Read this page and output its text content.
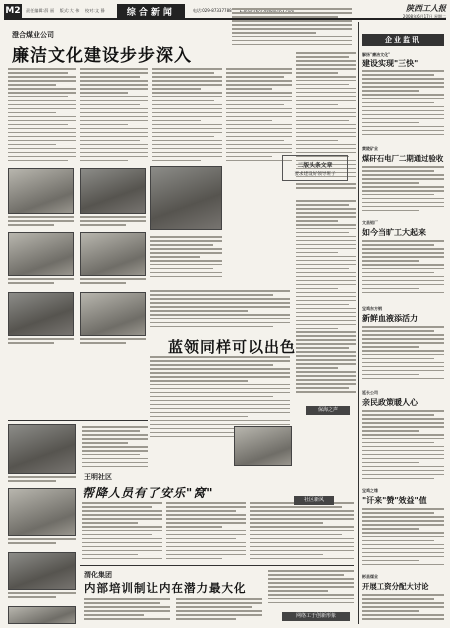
M2	责任编辑:薛 丽 版式:大 伟 校对:文 静	综合新闻	电话:029-87337788	陕西工人报
2008年6月17日 星期二
澄合煤业公司
廉洁文化建设步步深入
二版头条文章
要求建设好领导班子
蓝领同样可以出色
保海之声
王明社区
帮降人员有了安乐"窝"	社区新风
渭化集团
内部培训制让内在潜力最大化
网络工于创新形象
企业监讯
解扬"廉洁文化"
建设实现"三快"
黄陵矿业
煤矸石电厂二期通过验收
文县铝厂
如今当旷工大起来
宝鸡东方钢
新鲜血液添活力
延长公司
亲民政策暖人心
宝鸡之缘
"讦来"赞"效益"值
彬县煤业
开展工资分配大讨论
